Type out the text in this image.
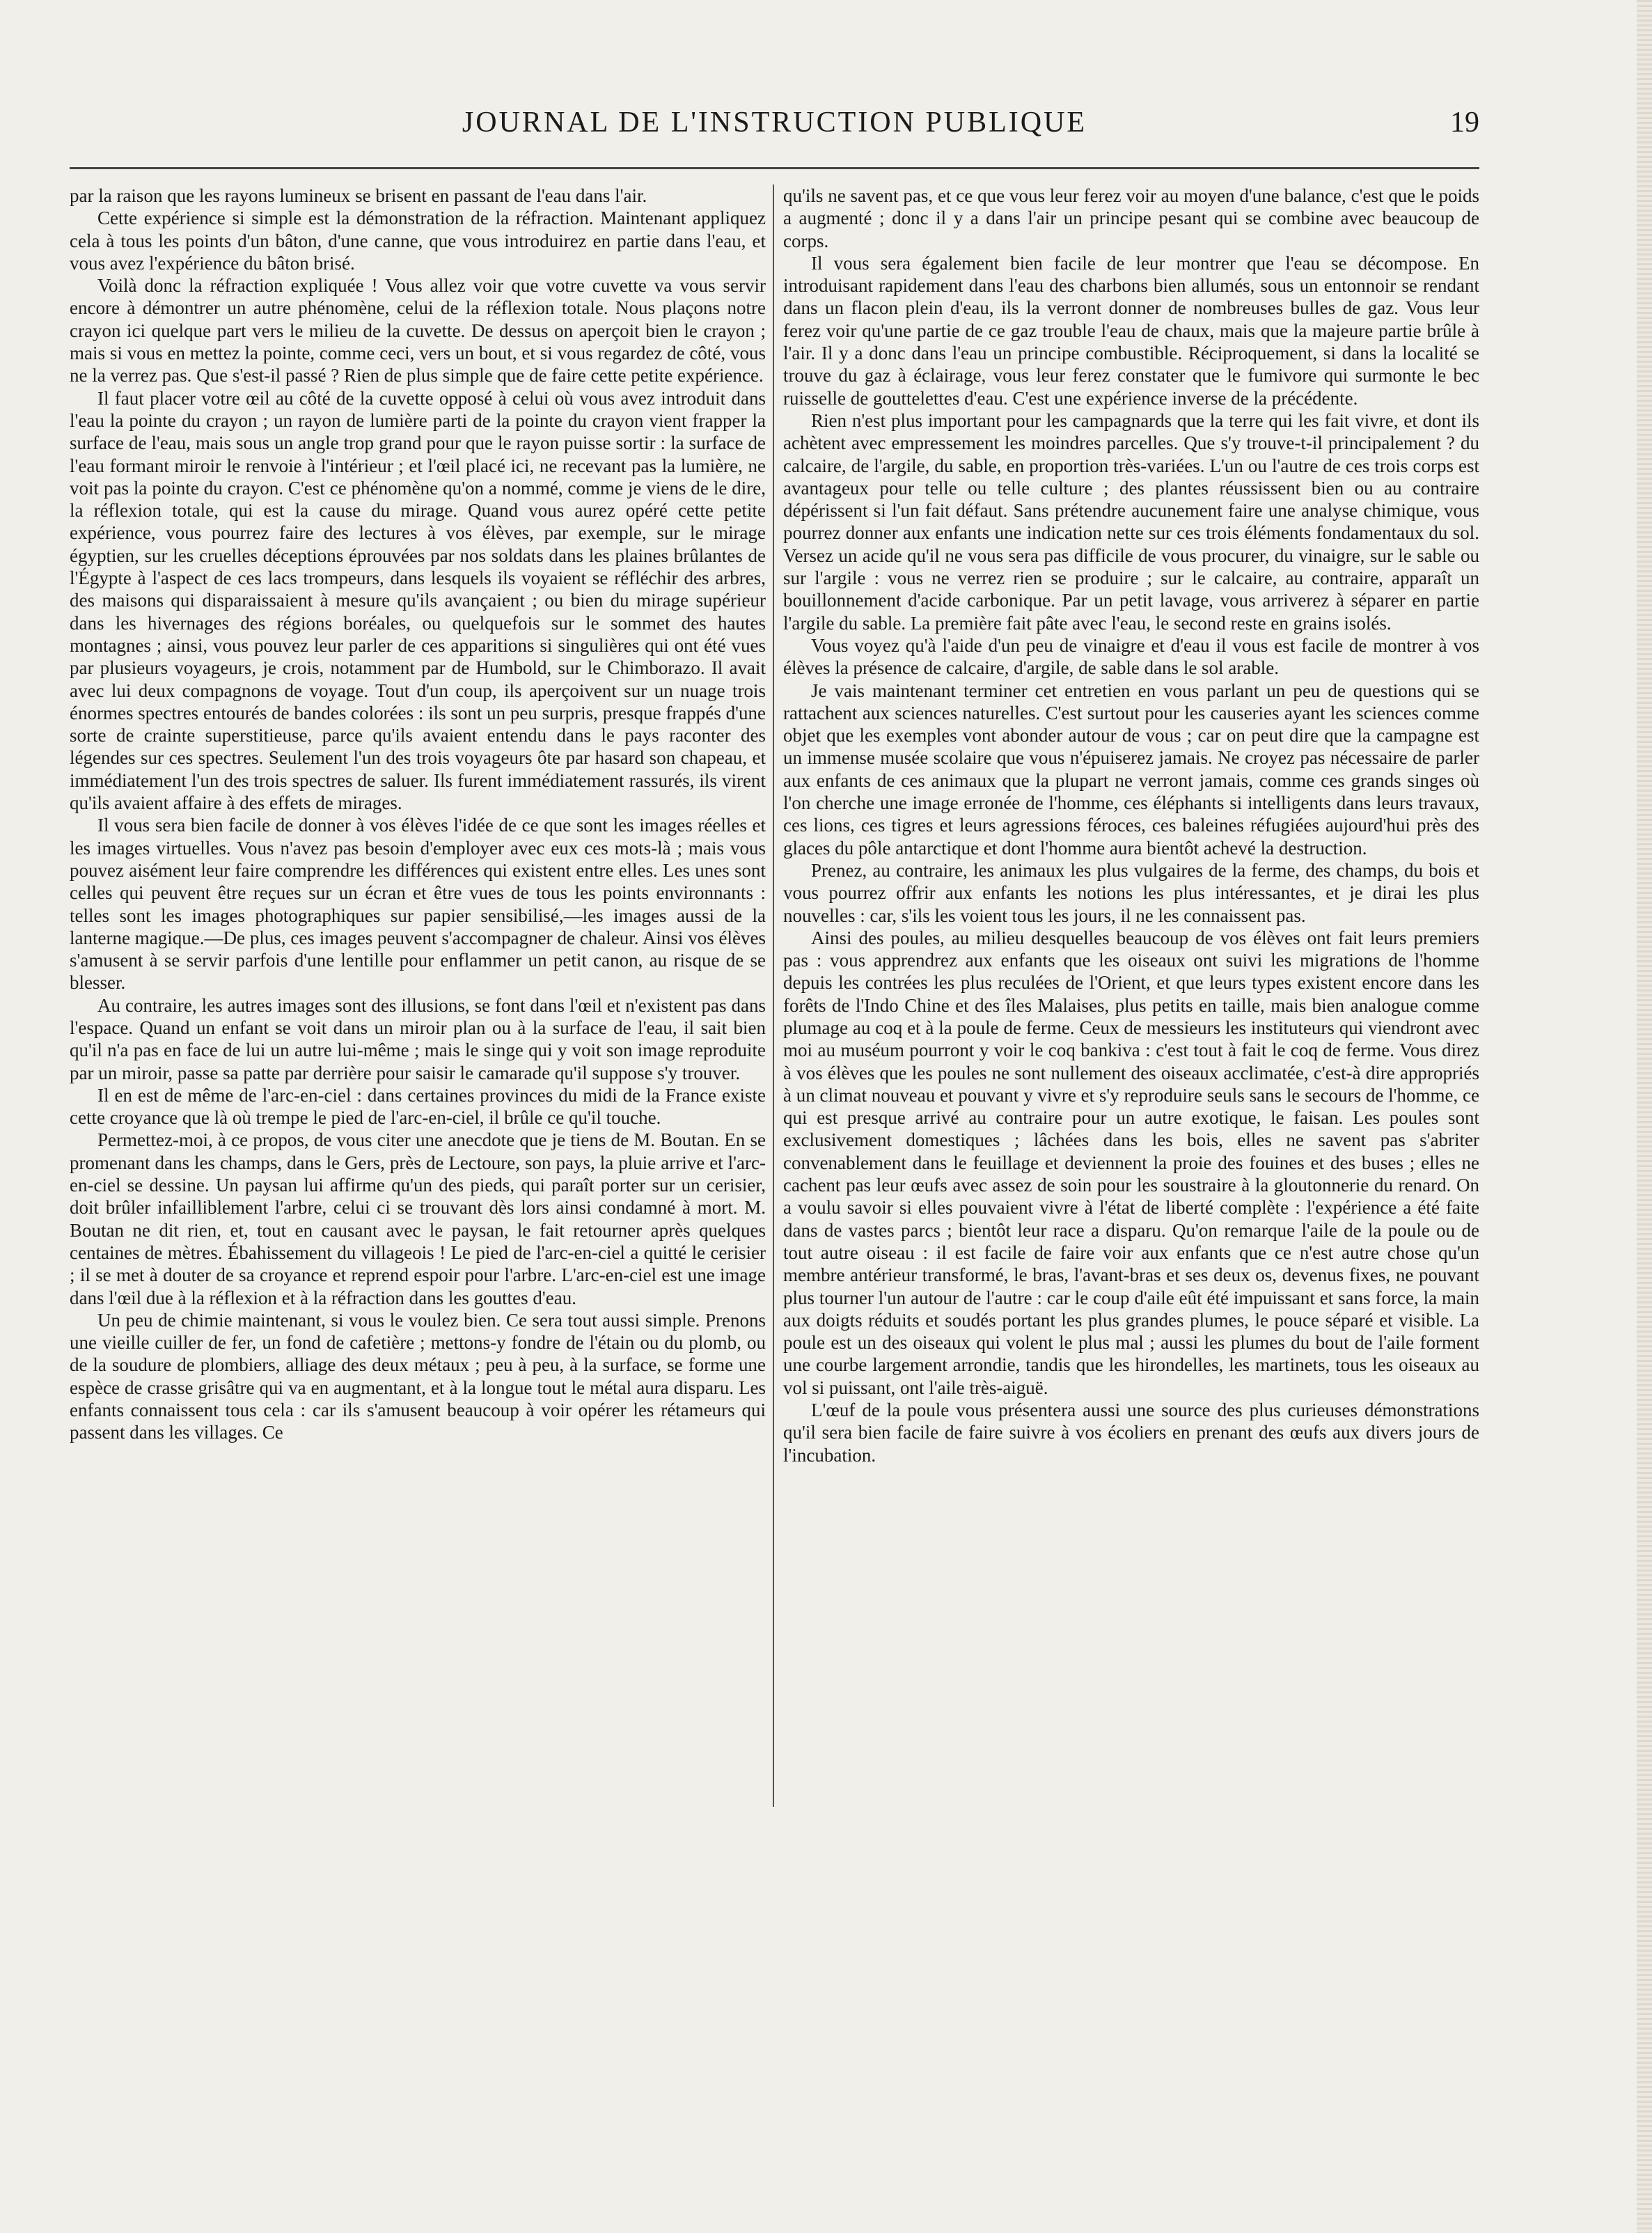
JOURNAL DE L'INSTRUCTION PUBLIQUE	19

par la raison que les rayons lumineux se brisent en passant de l'eau dans l'air.

Cette expérience si simple est la démonstration de la réfraction. Maintenant appliquez cela à tous les points d'un bâton, d'une canne, que vous introduirez en partie dans l'eau, et vous avez l'expérience du bâton brisé.

Voilà donc la réfraction expliquée ! Vous allez voir que votre cuvette va vous servir encore à démontrer un autre phénomène, celui de la réflexion totale. Nous plaçons notre crayon ici quelque part vers le milieu de la cuvette. De dessus on aperçoit bien le crayon ; mais si vous en mettez la pointe, comme ceci, vers un bout, et si vous regardez de côté, vous ne la verrez pas. Que s'est-il passé ? Rien de plus simple que de faire cette petite expérience.

Il faut placer votre œil au côté de la cuvette opposé à celui où vous avez introduit dans l'eau la pointe du crayon ; un rayon de lumière parti de la pointe du crayon vient frapper la surface de l'eau, mais sous un angle trop grand pour que le rayon puisse sortir : la surface de l'eau formant miroir le renvoie à l'intérieur ; et l'œil placé ici, ne recevant pas la lumière, ne voit pas la pointe du crayon. C'est ce phénomène qu'on a nommé, comme je viens de le dire, la réflexion totale, qui est la cause du mirage. Quand vous aurez opéré cette petite expérience, vous pourrez faire des lectures à vos élèves, par exemple, sur le mirage égyptien, sur les cruelles déceptions éprouvées par nos soldats dans les plaines brûlantes de l'Égypte à l'aspect de ces lacs trompeurs, dans lesquels ils voyaient se réfléchir des arbres, des maisons qui disparaissaient à mesure qu'ils avançaient ; ou bien du mirage supérieur dans les hivernages des régions boréales, ou quelquefois sur le sommet des hautes montagnes ; ainsi, vous pouvez leur parler de ces apparitions si singulières qui ont été vues par plusieurs voyageurs, je crois, notamment par de Humbold, sur le Chimborazo. Il avait avec lui deux compagnons de voyage. Tout d'un coup, ils aperçoivent sur un nuage trois énormes spectres entourés de bandes colorées : ils sont un peu surpris, presque frappés d'une sorte de crainte superstitieuse, parce qu'ils avaient entendu dans le pays raconter des légendes sur ces spectres. Seulement l'un des trois voyageurs ôte par hasard son chapeau, et immédiatement l'un des trois spectres de saluer. Ils furent immédiatement rassurés, ils virent qu'ils avaient affaire à des effets de mirages.

Il vous sera bien facile de donner à vos élèves l'idée de ce que sont les images réelles et les images virtuelles. Vous n'avez pas besoin d'employer avec eux ces mots-là ; mais vous pouvez aisément leur faire comprendre les différences qui existent entre elles. Les unes sont celles qui peuvent être reçues sur un écran et être vues de tous les points environnants : telles sont les images photographiques sur papier sensibilisé,—les images aussi de la lanterne magique.—De plus, ces images peuvent s'accompagner de chaleur. Ainsi vos élèves s'amusent à se servir parfois d'une lentille pour enflammer un petit canon, au risque de se blesser.

Au contraire, les autres images sont des illusions, se font dans l'œil et n'existent pas dans l'espace. Quand un enfant se voit dans un miroir plan ou à la surface de l'eau, il sait bien qu'il n'a pas en face de lui un autre lui-même ; mais le singe qui y voit son image reproduite par un miroir, passe sa patte par derrière pour saisir le camarade qu'il suppose s'y trouver.

Il en est de même de l'arc-en-ciel : dans certaines provinces du midi de la France existe cette croyance que là où trempe le pied de l'arc-en-ciel, il brûle ce qu'il touche.

Permettez-moi, à ce propos, de vous citer une anecdote que je tiens de M. Boutan. En se promenant dans les champs, dans le Gers, près de Lectoure, son pays, la pluie arrive et l'arc-en-ciel se dessine. Un paysan lui affirme qu'un des pieds, qui paraît porter sur un cerisier, doit brûler infailliblement l'arbre, celui ci se trouvant dès lors ainsi condamné à mort. M. Boutan ne dit rien, et, tout en causant avec le paysan, le fait retourner après quelques centaines de mètres. Ébahissement du villageois ! Le pied de l'arc-en-ciel a quitté le cerisier ; il se met à douter de sa croyance et reprend espoir pour l'arbre. L'arc-en-ciel est une image dans l'œil due à la réflexion et à la réfraction dans les gouttes d'eau.

Un peu de chimie maintenant, si vous le voulez bien. Ce sera tout aussi simple. Prenons une vieille cuiller de fer, un fond de cafetière ; mettons-y fondre de l'étain ou du plomb, ou de la soudure de plombiers, alliage des deux métaux ; peu à peu, à la surface, se forme une espèce de crasse grisâtre qui va en augmentant, et à la longue tout le métal aura disparu. Les enfants connaissent tous cela : car ils s'amusent beaucoup à voir opérer les rétameurs qui passent dans les villages. Ce

qu'ils ne savent pas, et ce que vous leur ferez voir au moyen d'une balance, c'est que le poids a augmenté ; donc il y a dans l'air un principe pesant qui se combine avec beaucoup de corps.

Il vous sera également bien facile de leur montrer que l'eau se décompose. En introduisant rapidement dans l'eau des charbons bien allumés, sous un entonnoir se rendant dans un flacon plein d'eau, ils la verront donner de nombreuses bulles de gaz. Vous leur ferez voir qu'une partie de ce gaz trouble l'eau de chaux, mais que la majeure partie brûle à l'air. Il y a donc dans l'eau un principe combustible. Réciproquement, si dans la localité se trouve du gaz à éclairage, vous leur ferez constater que le fumivore qui surmonte le bec ruisselle de gouttelettes d'eau. C'est une expérience inverse de la précédente.

Rien n'est plus important pour les campagnards que la terre qui les fait vivre, et dont ils achètent avec empressement les moindres parcelles. Que s'y trouve-t-il principalement ? du calcaire, de l'argile, du sable, en proportion très-variées. L'un ou l'autre de ces trois corps est avantageux pour telle ou telle culture ; des plantes réussissent bien ou au contraire dépérissent si l'un fait défaut. Sans prétendre aucunement faire une analyse chimique, vous pourrez donner aux enfants une indication nette sur ces trois éléments fondamentaux du sol. Versez un acide qu'il ne vous sera pas difficile de vous procurer, du vinaigre, sur le sable ou sur l'argile : vous ne verrez rien se produire ; sur le calcaire, au contraire, apparaît un bouillonnement d'acide carbonique. Par un petit lavage, vous arriverez à séparer en partie l'argile du sable. La première fait pâte avec l'eau, le second reste en grains isolés.

Vous voyez qu'à l'aide d'un peu de vinaigre et d'eau il vous est facile de montrer à vos élèves la présence de calcaire, d'argile, de sable dans le sol arable.

Je vais maintenant terminer cet entretien en vous parlant un peu de questions qui se rattachent aux sciences naturelles. C'est surtout pour les causeries ayant les sciences comme objet que les exemples vont abonder autour de vous ; car on peut dire que la campagne est un immense musée scolaire que vous n'épuiserez jamais. Ne croyez pas nécessaire de parler aux enfants de ces animaux que la plupart ne verront jamais, comme ces grands singes où l'on cherche une image erronée de l'homme, ces éléphants si intelligents dans leurs travaux, ces lions, ces tigres et leurs agressions féroces, ces baleines réfugiées aujourd'hui près des glaces du pôle antarctique et dont l'homme aura bientôt achevé la destruction.

Prenez, au contraire, les animaux les plus vulgaires de la ferme, des champs, du bois et vous pourrez offrir aux enfants les notions les plus intéressantes, et je dirai les plus nouvelles : car, s'ils les voient tous les jours, il ne les connaissent pas.

Ainsi des poules, au milieu desquelles beaucoup de vos élèves ont fait leurs premiers pas : vous apprendrez aux enfants que les oiseaux ont suivi les migrations de l'homme depuis les contrées les plus reculées de l'Orient, et que leurs types existent encore dans les forêts de l'Indo Chine et des îles Malaises, plus petits en taille, mais bien analogue comme plumage au coq et à la poule de ferme. Ceux de messieurs les instituteurs qui viendront avec moi au muséum pourront y voir le coq bankiva : c'est tout à fait le coq de ferme. Vous direz à vos élèves que les poules ne sont nullement des oiseaux acclimatée, c'est-à dire appropriés à un climat nouveau et pouvant y vivre et s'y reproduire seuls sans le secours de l'homme, ce qui est presque arrivé au contraire pour un autre exotique, le faisan. Les poules sont exclusivement domestiques ; lâchées dans les bois, elles ne savent pas s'abriter convenablement dans le feuillage et deviennent la proie des fouines et des buses ; elles ne cachent pas leur œufs avec assez de soin pour les soustraire à la gloutonnerie du renard. On a voulu savoir si elles pouvaient vivre à l'état de liberté complète : l'expérience a été faite dans de vastes parcs ; bientôt leur race a disparu. Qu'on remarque l'aile de la poule ou de tout autre oiseau : il est facile de faire voir aux enfants que ce n'est autre chose qu'un membre antérieur transformé, le bras, l'avant-bras et ses deux os, devenus fixes, ne pouvant plus tourner l'un autour de l'autre : car le coup d'aile eût été impuissant et sans force, la main aux doigts réduits et soudés portant les plus grandes plumes, le pouce séparé et visible. La poule est un des oiseaux qui volent le plus mal ; aussi les plumes du bout de l'aile forment une courbe largement arrondie, tandis que les hirondelles, les martinets, tous les oiseaux au vol si puissant, ont l'aile très-aiguë.

L'œuf de la poule vous présentera aussi une source des plus curieuses démonstrations qu'il sera bien facile de faire suivre à vos écoliers en prenant des œufs aux divers jours de l'incubation.
